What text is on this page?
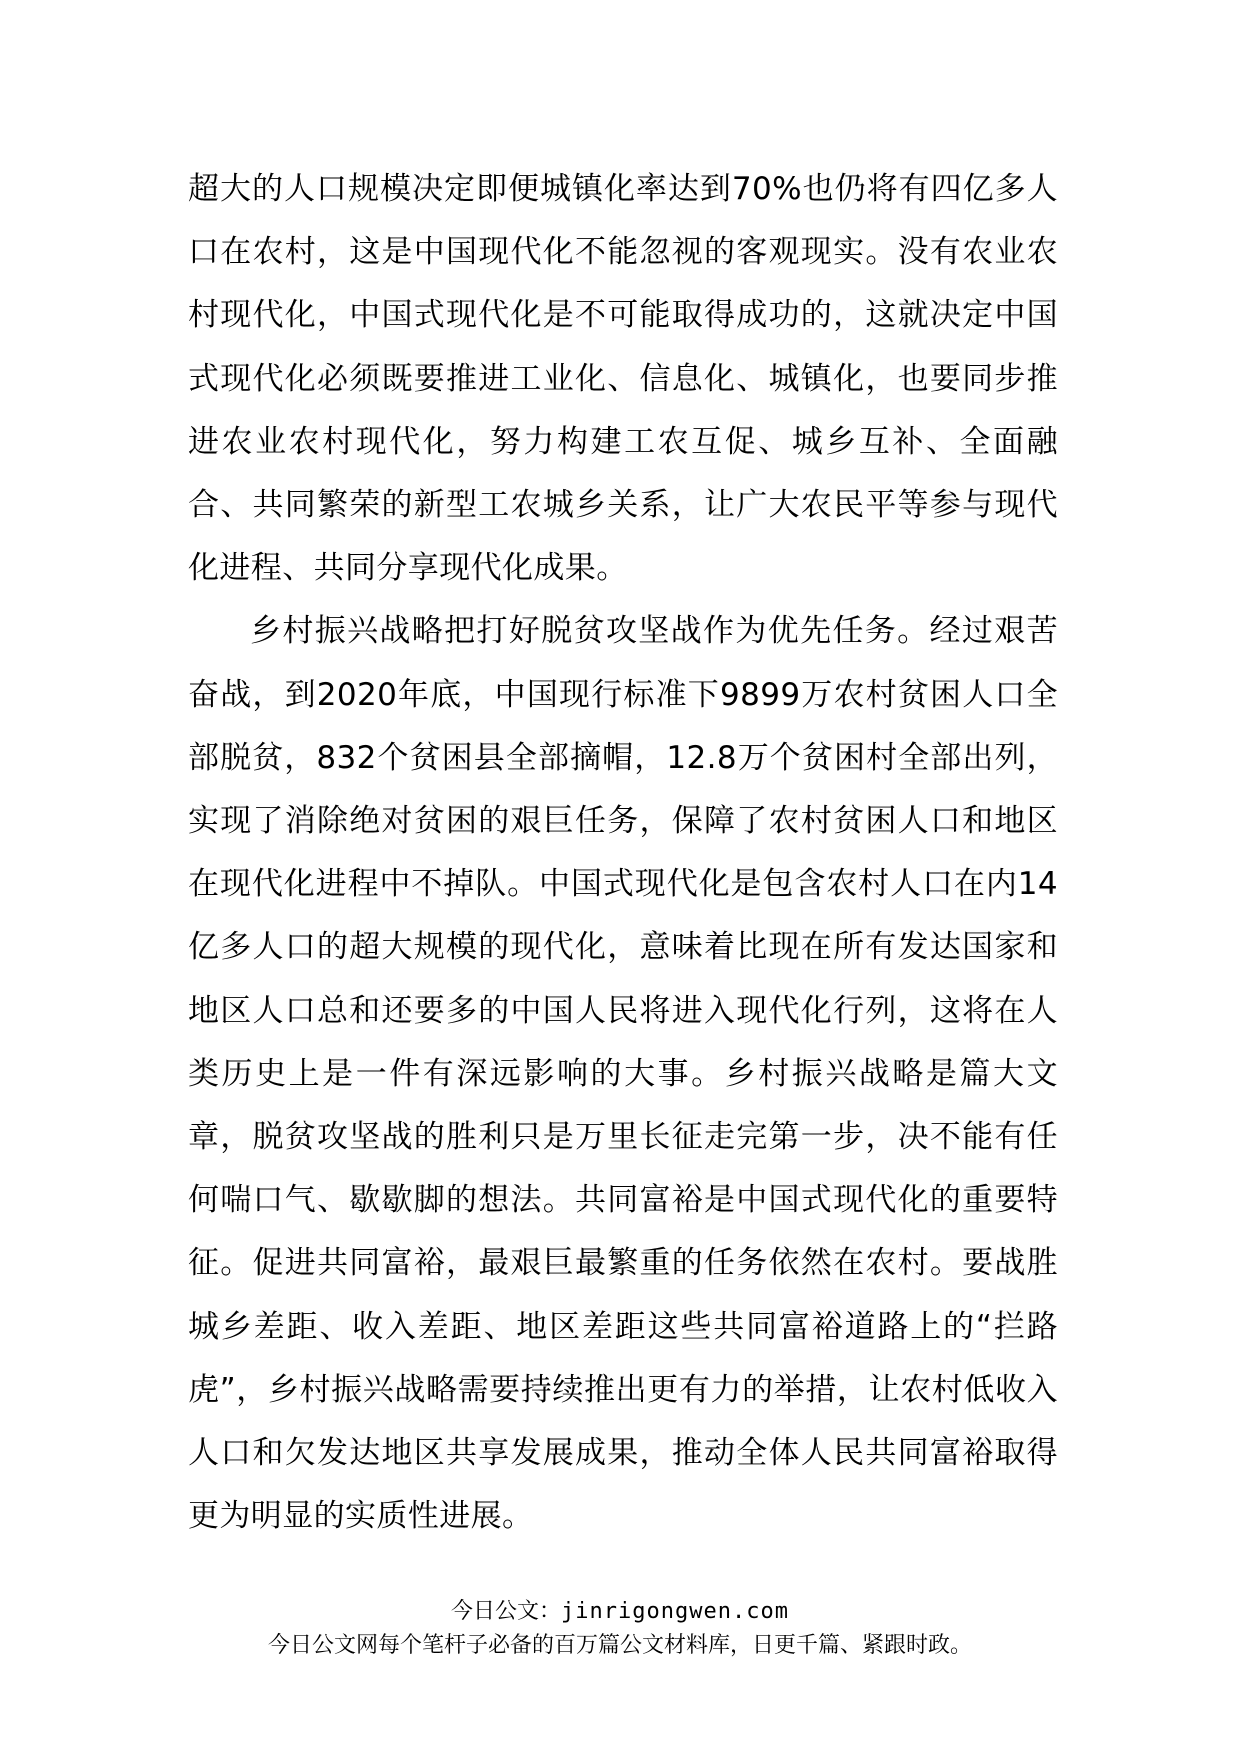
超大的人口规模决定即便城镇化率达到70%也仍将有四亿多人口在农村，这是中国现代化不能忽视的客观现实。没有农业农村现代化，中国式现代化是不可能取得成功的，这就决定中国式现代化必须既要推进工业化、信息化、城镇化，也要同步推进农业农村现代化，努力构建工农互促、城乡互补、全面融合、共同繁荣的新型工农城乡关系，让广大农民平等参与现代化进程、共同分享现代化成果。

乡村振兴战略把打好脱贫攻坚战作为优先任务。经过艰苦奋战，到2020年底，中国现行标准下9899万农村贫困人口全部脱贫，832个贫困县全部摘帽，12.8万个贫困村全部出列，实现了消除绝对贫困的艰巨任务，保障了农村贫困人口和地区在现代化进程中不掉队。中国式现代化是包含农村人口在内14亿多人口的超大规模的现代化，意味着比现在所有发达国家和地区人口总和还要多的中国人民将进入现代化行列，这将在人类历史上是一件有深远影响的大事。乡村振兴战略是篇大文章，脱贫攻坚战的胜利只是万里长征走完第一步，决不能有任何喘口气、歇歇脚的想法。共同富裕是中国式现代化的重要特征。促进共同富裕，最艰巨最繁重的任务依然在农村。要战胜城乡差距、收入差距、地区差距这些共同富裕道路上的“拦路虎”，乡村振兴战略需要持续推出更有力的举措，让农村低收入人口和欠发达地区共享发展成果，推动全体人民共同富裕取得更为明显的实质性进展。

今日公文：jinrigongwen.com
今日公文网每个笔杆子必备的百万篇公文材料库，日更千篇、紧跟时政。
